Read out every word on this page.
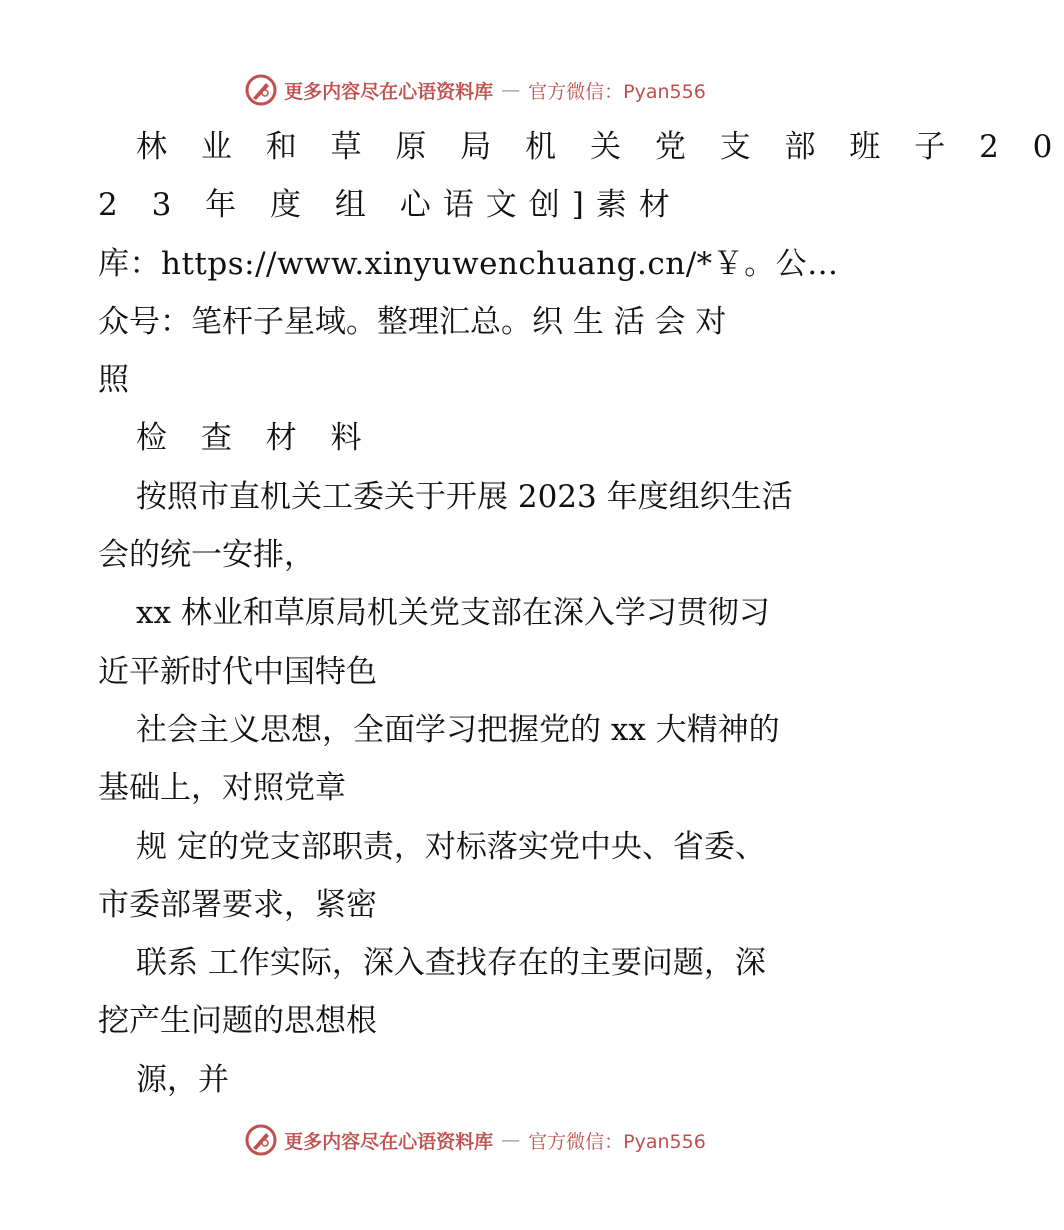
更多内容尽在心语资料库 — 官方微信：Pyan556
林 业 和 草 原 局 机 关 党 支 部 班 子 2 0
2 3 年 度 组 心语文创]素材
库：https://www.xinyuwenchuang.cn/*￥。公…
众号：笔杆子星域。整理汇总。织 生 活 会 对
照
检 查 材 料
按照市直机关工委关于开展 2023 年度组织生活
会的统一安排，
xx 林业和草原局机关党支部在深入学习贯彻习
近平新时代中国特色
社会主义思想，全面学习把握党的 xx 大精神的
基础上，对照党章
规 定的党支部职责，对标落实党中央、省委、
市委部署要求，紧密
联系 工作实际，深入查找存在的主要问题，深
挖产生问题的思想根
源，并
更多内容尽在心语资料库 — 官方微信：Pyan556
